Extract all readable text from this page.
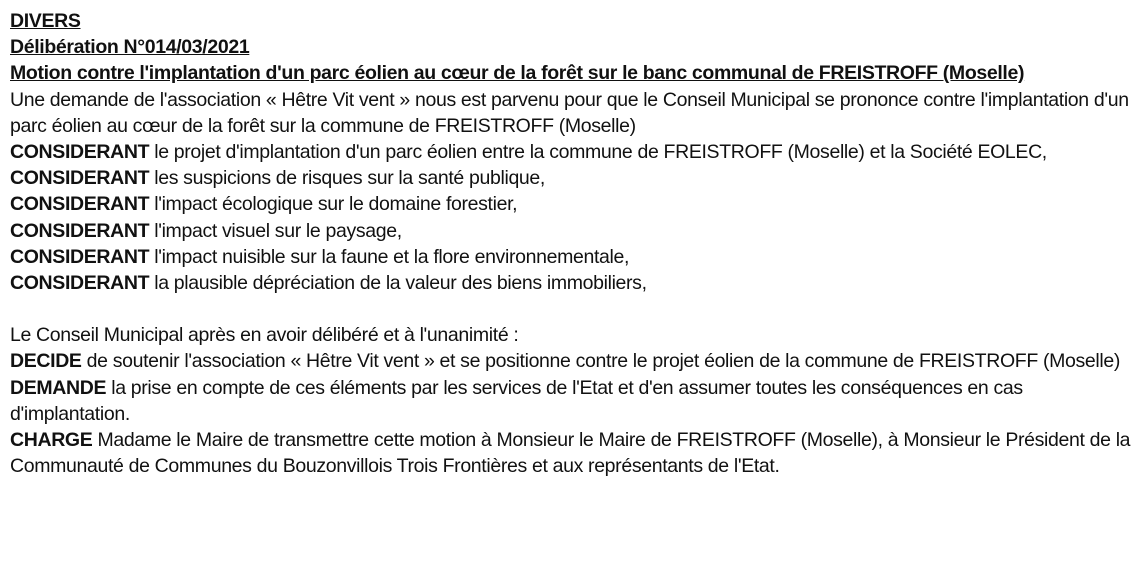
DIVERS
Délibération N°014/03/2021
Motion contre l'implantation d'un parc éolien au cœur de la forêt sur le banc communal de FREISTROFF (Moselle)
Une demande de l'association « Hêtre Vit vent » nous est parvenu pour que le Conseil Municipal se prononce contre l'implantation d'un parc éolien au cœur de la forêt sur la commune de FREISTROFF (Moselle)
CONSIDERANT le projet d'implantation d'un parc éolien entre la commune de FREISTROFF (Moselle) et la Société EOLEC,
CONSIDERANT les suspicions de risques sur la santé publique,
CONSIDERANT l'impact écologique sur le domaine forestier,
CONSIDERANT l'impact visuel sur le paysage,
CONSIDERANT l'impact nuisible sur la faune et la flore environnementale,
CONSIDERANT la plausible dépréciation de la valeur des biens immobiliers,
Le Conseil Municipal après en avoir délibéré et à l'unanimité :
DECIDE de soutenir l'association « Hêtre Vit vent » et se positionne contre le projet éolien de la commune de FREISTROFF (Moselle)
DEMANDE la prise en compte de ces éléments par les services de l'Etat et d'en assumer toutes les conséquences en cas d'implantation.
CHARGE Madame le Maire de transmettre cette motion à Monsieur le Maire de FREISTROFF (Moselle), à Monsieur le Président de la Communauté de Communes du Bouzonvillois Trois Frontières et aux représentants de l'Etat.
